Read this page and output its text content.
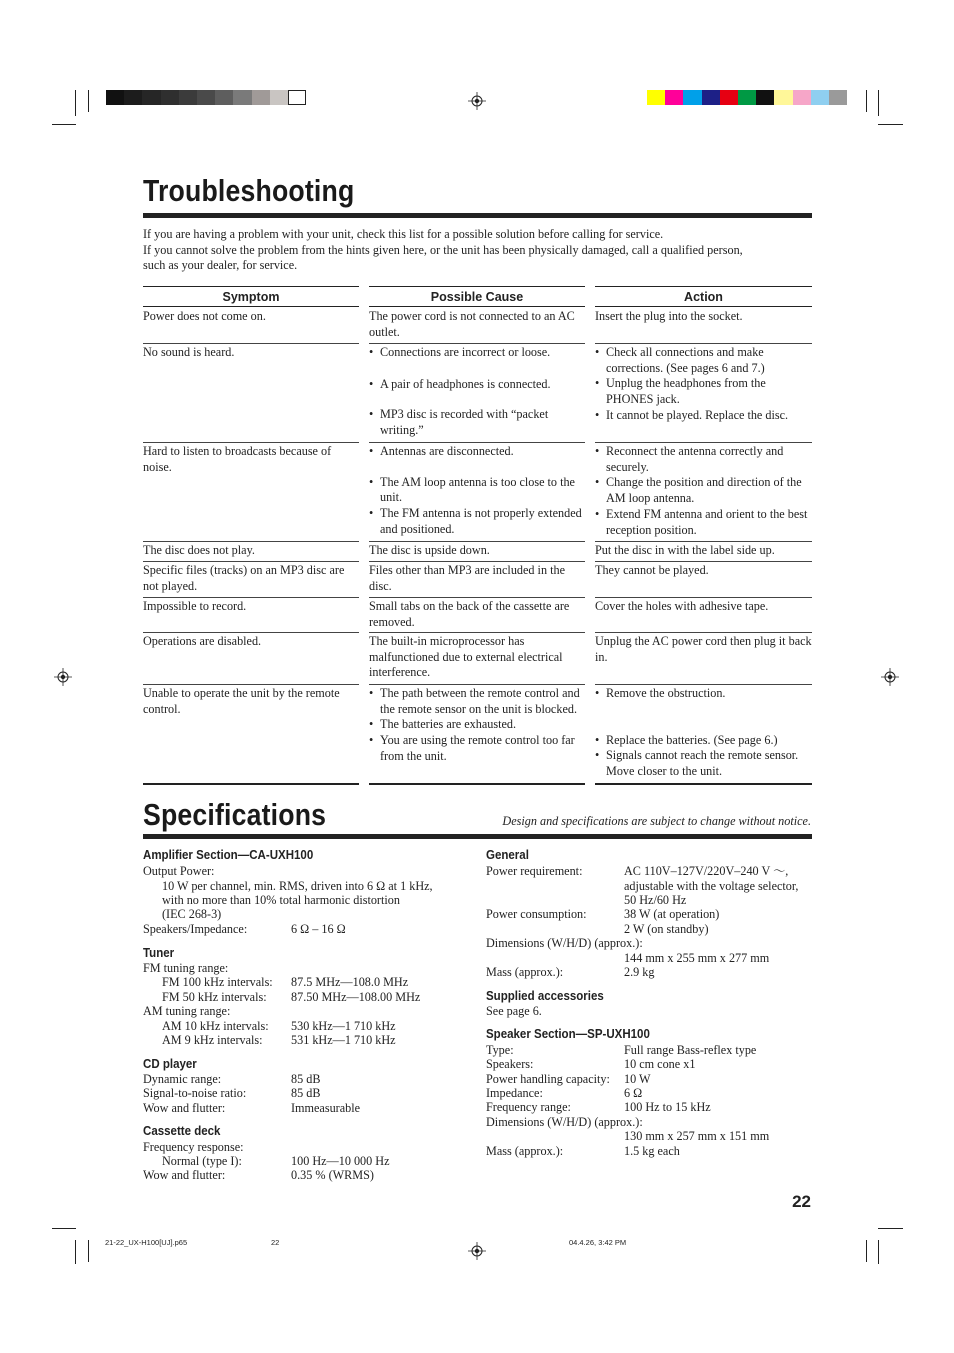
Troubleshooting
If you are having a problem with your unit, check this list for a possible solution before calling for service.
If you cannot solve the problem from the hints given here, or the unit has been physically damaged, call a qualified person,
such as your dealer, for service.
Symptom	Possible Cause	Action
Power does not come on.	The power cord is not connected to an AC outlet.
Insert the plug into the socket.
No sound is heard.
•	Connections are incorrect or loose.
• A pair of headphones is connected.
• MP3 disc is recorded with “packet writing.”
• Check all connections and make corrections. (See pages 6 and 7.)
• Unplug the headphones from the PHONES jack.
• It cannot be played. Replace the disc.
Hard to listen to broadcasts because of noise.
• Antennas are disconnected.
• The AM loop antenna is too close to the unit.
• The FM antenna is not properly extended and positioned.
• Reconnect the antenna correctly and securely.
• Change the position and direction of the AM loop antenna.
• Extend FM antenna and orient to the best reception position.
The disc does not play.	The disc is upside down.	Put the disc in with the label side up.
Specific files (tracks) on an MP3 disc are not played.
Files other than MP3 are included in the disc.
They cannot be played.
Impossible to record.	Small tabs on the back of the cassette are removed.
Cover the holes with adhesive tape.
Operations are disabled.	The built-in microprocessor has malfunctioned due to external electrical interference.
Unplug the AC power cord then plug it back in.
Unable to operate the unit by the remote control.
• The path between the remote control and the remote sensor on the unit is blocked.
• The batteries are exhausted.
• You are using the remote control too far from the unit.
• Remove the obstruction.
• Replace the batteries. (See page 6.)
• Signals cannot reach the remote sensor. Move closer to the unit.
Specifications	Design and specifications are subject to change without notice.
Amplifier Section—CA-UXH100
Output Power:
10 W per channel, min. RMS, driven into 6 Ω at 1 kHz,
with no more than 10% total harmonic distortion
(IEC 268-3)
Speakers/Impedance:	6 Ω – 16 Ω
Tuner
FM tuning range:
FM 100 kHz intervals: 87.5 MHz—108.0 MHz
FM 50 kHz intervals: 87.50 MHz—108.00 MHz
AM tuning range:
AM 10 kHz intervals: 530 kHz—1 710 kHz
AM 9 kHz intervals: 531 kHz—1 710 kHz
CD player
Dynamic range:	85 dB
Signal-to-noise ratio:	85 dB
Wow and flutter:	Immeasurable
Cassette deck
Frequency response:
Normal (type I):	100 Hz—10 000 Hz
Wow and flutter:	0.35 % (WRMS)
General
Power requirement:	AC 110V–127V/220V–240 V ～,
adjustable with the voltage selector,
50 Hz/60 Hz
Power consumption:	38 W (at operation)
2 W (on standby)
Dimensions (W/H/D) (approx.):
144 mm x 255 mm x 277 mm
Mass (approx.):	2.9 kg
Supplied accessories
See page 6.
Speaker Section—SP-UXH100
Type:	Full range Bass-reflex type
Speakers:	10 cm cone x1
Power handling capacity: 10 W
Impedance:	6 Ω
Frequency range:	100 Hz to 15 kHz
Dimensions (W/H/D) (approx.):
130 mm x 257 mm x 151 mm
Mass (approx.):	1.5 kg each
22
21-22_UX-H100[UJ].p65	22	04.4.26, 3:42 PM
